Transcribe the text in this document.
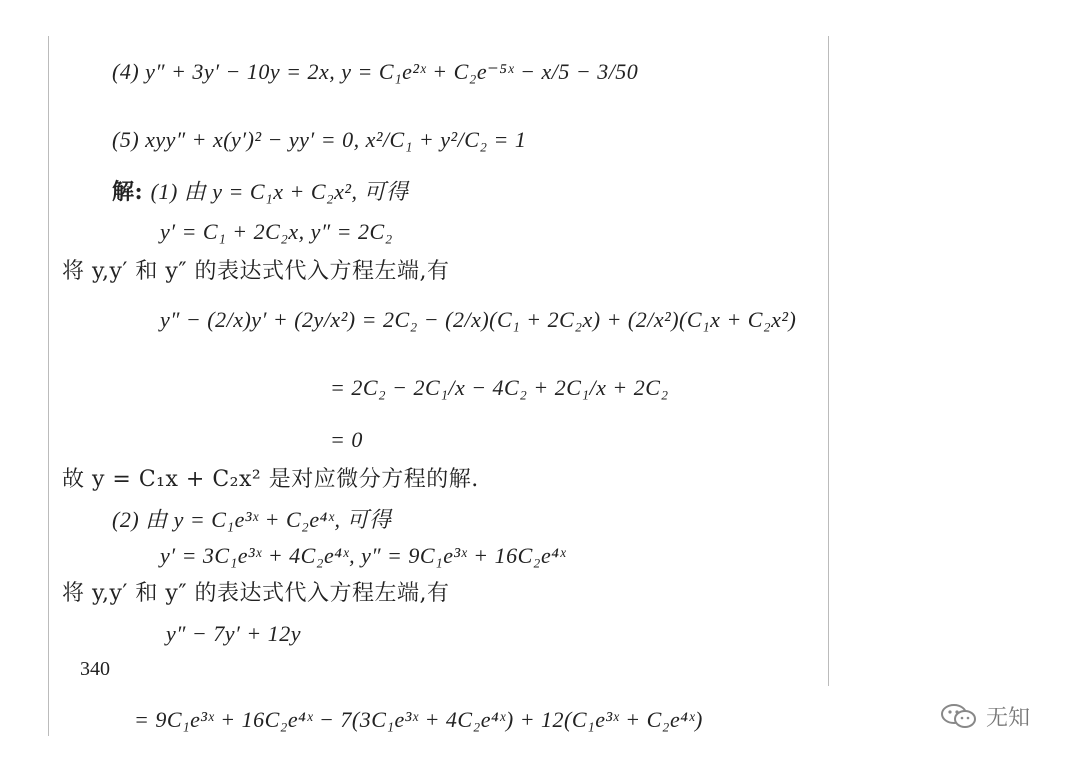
(4) y″ + 3y′ − 10y = 2x, y = C₁e²ˣ + C₂e⁻⁵ˣ − x/5 − 3/50
(5) xyy″ + x(y′)² − yy′ = 0, x²/C₁ + y²/C₂ = 1
解: (1) 由 y = C₁x + C₂x², 可得
y′ = C₁ + 2C₂x, y″ = 2C₂
将 y,y′ 和 y″ 的表达式代入方程左端,有
y″ − (2/x)y′ + (2y/x²) = 2C₂ − (2/x)(C₁ + 2C₂x) + (2/x²)(C₁x + C₂x²)
= 2C₂ − 2C₁/x − 4C₂ + 2C₁/x + 2C₂
= 0
故 y = C₁x + C₂x² 是对应微分方程的解.
(2) 由 y = C₁e³ˣ + C₂e⁴ˣ, 可得
y′ = 3C₁e³ˣ + 4C₂e⁴ˣ, y″ = 9C₁e³ˣ + 16C₂e⁴ˣ
将 y,y′ 和 y″ 的表达式代入方程左端,有
y″ − 7y′ + 12y
340
= 9C₁e³ˣ + 16C₂e⁴ˣ − 7(3C₁e³ˣ + 4C₂e⁴ˣ) + 12(C₁e³ˣ + C₂e⁴ˣ)	无知
